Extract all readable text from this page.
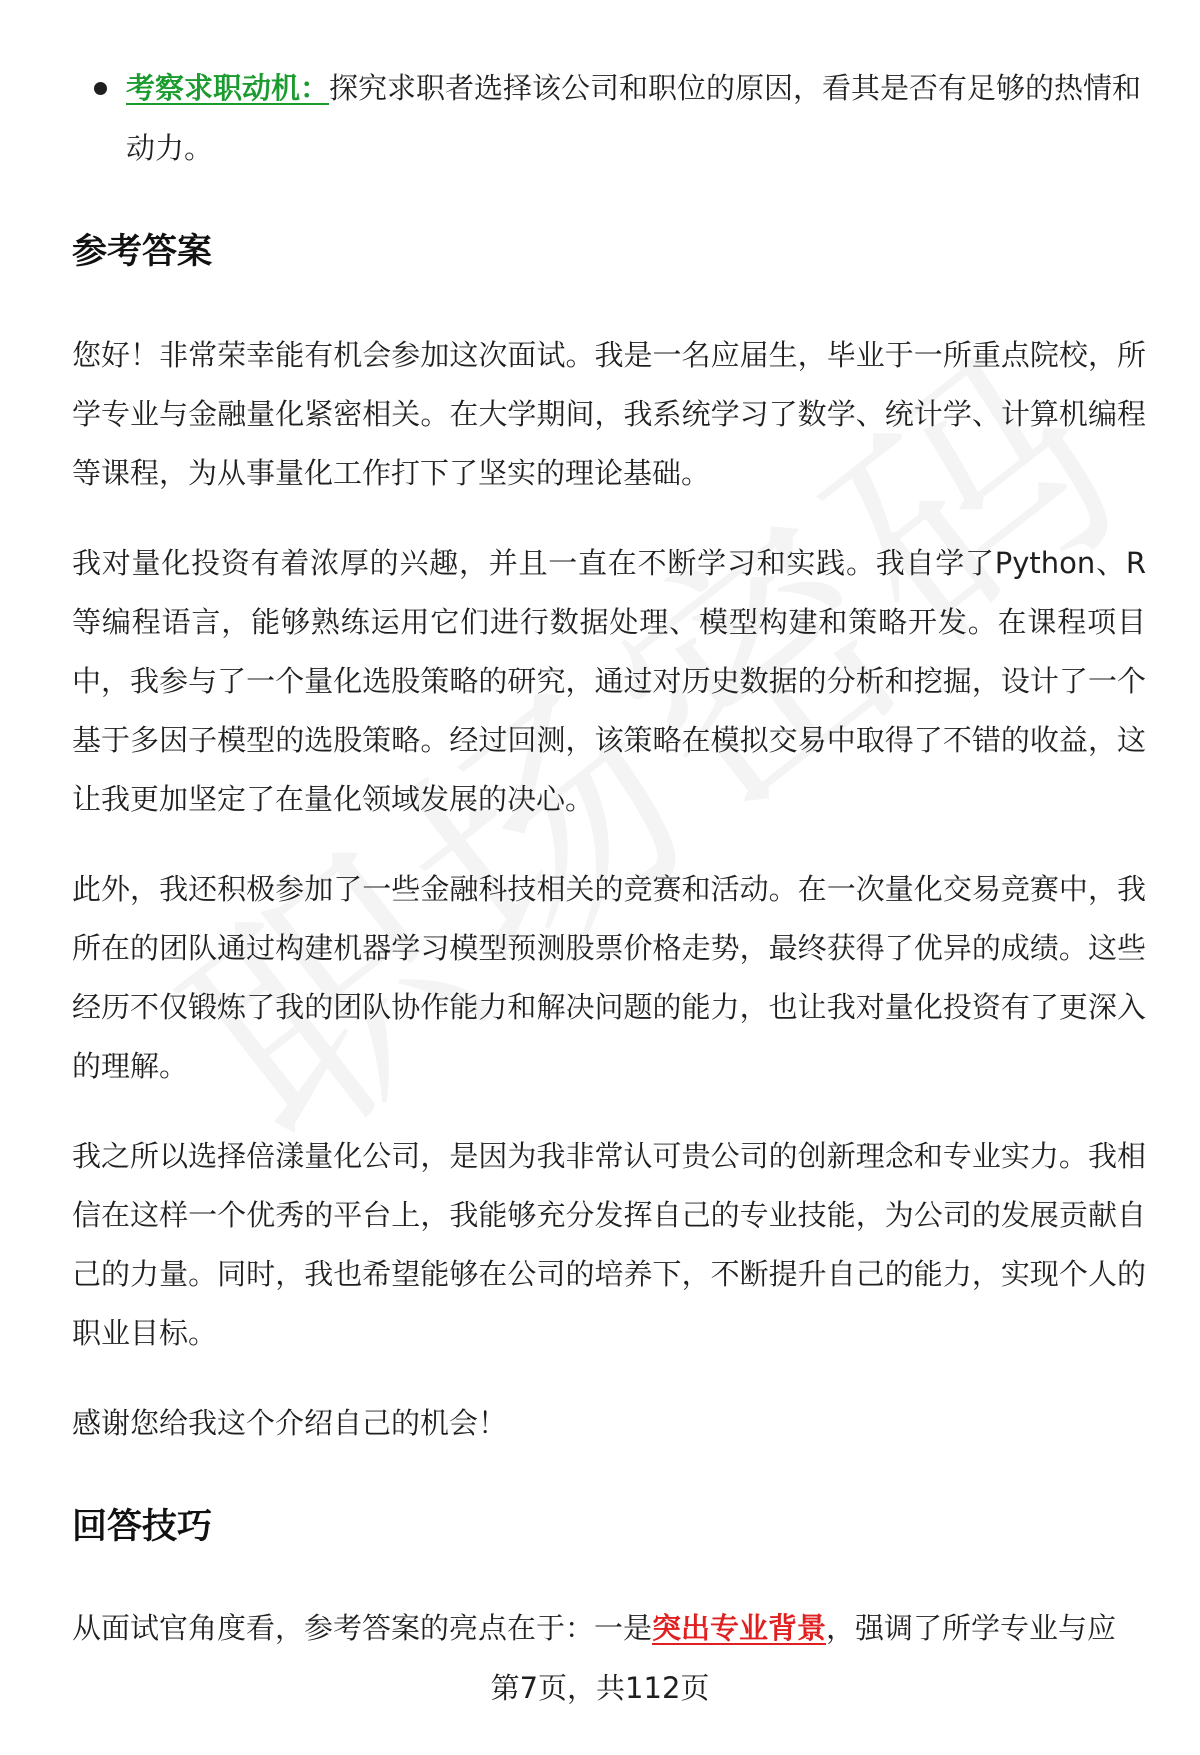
考察求职动机：探究求职者选择该公司和职位的原因，看其是否有足够的热情和动力。
参考答案

您好！非常荣幸能有机会参加这次面试。我是一名应届生，毕业于一所重点院校，所学专业与金融量化紧密相关。在大学期间，我系统学习了数学、统计学、计算机编程等课程，为从事量化工作打下了坚实的理论基础。

我对量化投资有着浓厚的兴趣，并且一直在不断学习和实践。我自学了Python、R等编程语言，能够熟练运用它们进行数据处理、模型构建和策略开发。在课程项目中，我参与了一个量化选股策略的研究，通过对历史数据的分析和挖掘，设计了一个基于多因子模型的选股策略。经过回测，该策略在模拟交易中取得了不错的收益，这让我更加坚定了在量化领域发展的决心。

此外，我还积极参加了一些金融科技相关的竞赛和活动。在一次量化交易竞赛中，我所在的团队通过构建机器学习模型预测股票价格走势，最终获得了优异的成绩。这些经历不仅锻炼了我的团队协作能力和解决问题的能力，也让我对量化投资有了更深入的理解。

我之所以选择倍漾量化公司，是因为我非常认可贵公司的创新理念和专业实力。我相信在这样一个优秀的平台上，我能够充分发挥自己的专业技能，为公司的发展贡献自己的力量。同时，我也希望能够在公司的培养下，不断提升自己的能力，实现个人的职业目标。

感谢您给我这个介绍自己的机会！

回答技巧

从面试官角度看，参考答案的亮点在于：一是突出专业背景，强调了所学专业与应

第7页，共112页
